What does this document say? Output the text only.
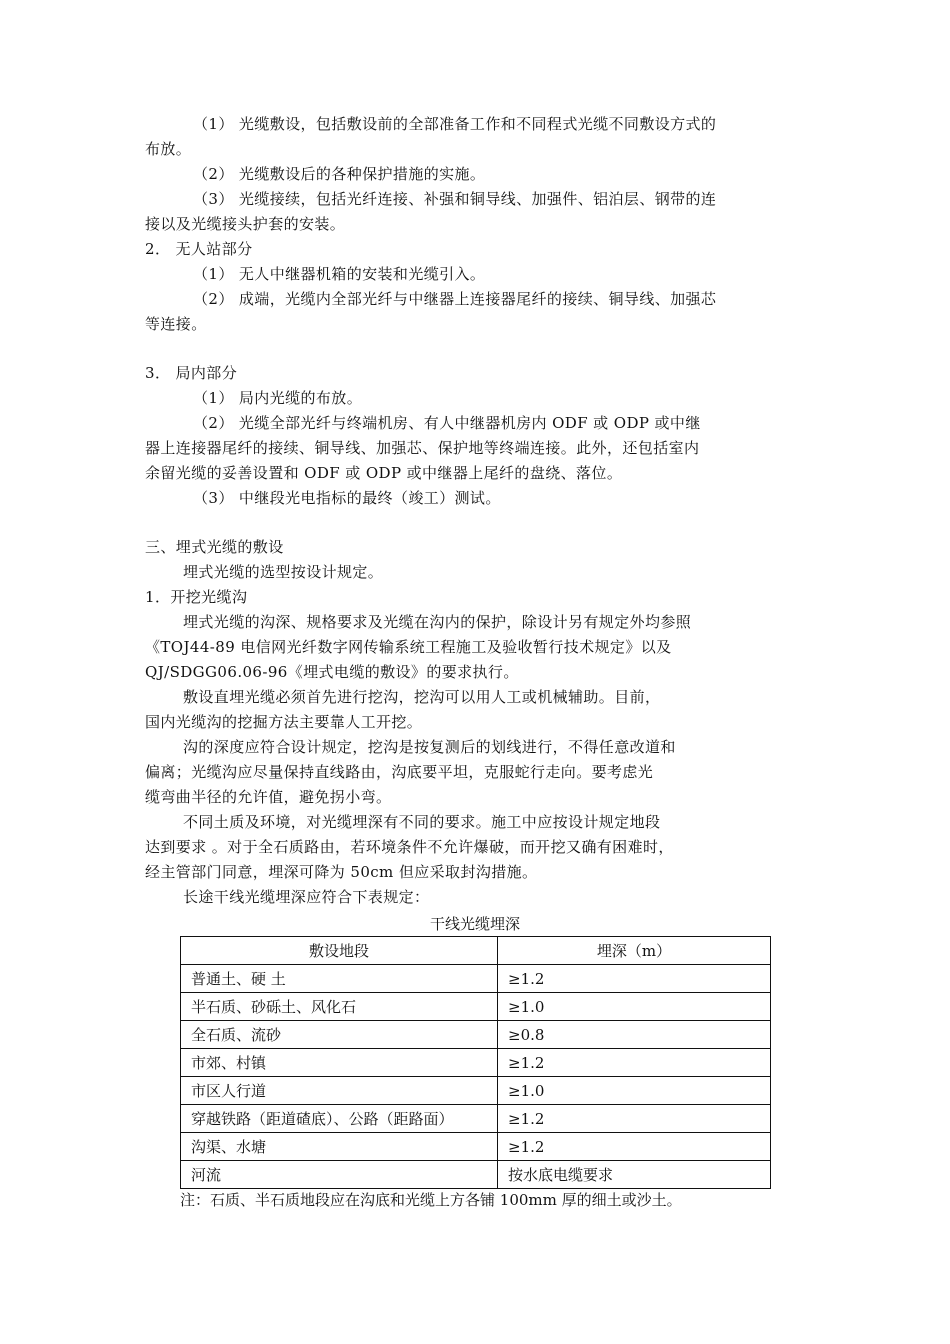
（1） 光缆敷设，包括敷设前的全部准备工作和不同程式光缆不同敷设方式的
布放。
（2） 光缆敷设后的各种保护措施的实施。
（3） 光缆接续，包括光纤连接、补强和铜导线、加强件、铝泊层、钢带的连
接以及光缆接头护套的安装。
2． 无人站部分
（1） 无人中继器机箱的安装和光缆引入。
（2） 成端，光缆内全部光纤与中继器上连接器尾纤的接续、铜导线、加强芯
等连接。
3． 局内部分
（1） 局内光缆的布放。
（2） 光缆全部光纤与终端机房、有人中继器机房内 ODF 或 ODP 或中继
器上连接器尾纤的接续、铜导线、加强芯、保护地等终端连接。此外，还包括室内
余留光缆的妥善设置和 ODF 或 ODP 或中继器上尾纤的盘绕、落位。
（3） 中继段光电指标的最终（竣工）测试。
三、埋式光缆的敷设
埋式光缆的选型按设计规定。
1．开挖光缆沟
埋式光缆的沟深、规格要求及光缆在沟内的保护，除设计另有规定外均参照
《TOJ44-89 电信网光纤数字网传输系统工程施工及验收暂行技术规定》以及
QJ/SDGG06.06-96《埋式电缆的敷设》的要求执行。
敷设直埋光缆必须首先进行挖沟，挖沟可以用人工或机械辅助。目前，
国内光缆沟的挖掘方法主要靠人工开挖。
沟的深度应符合设计规定，挖沟是按复测后的划线进行，不得任意改道和
偏离；光缆沟应尽量保持直线路由，沟底要平坦，克服蛇行走向。要考虑光
缆弯曲半径的允许值，避免拐小弯。
不同土质及环境，对光缆埋深有不同的要求。施工中应按设计规定地段
达到要求 。对于全石质路由，若环境条件不允许爆破，而开挖又确有困难时，
经主管部门同意，埋深可降为 50cm 但应采取封沟措施。
长途干线光缆埋深应符合下表规定：
干线光缆埋深
敷设地段	埋深（m）
普通土、硬 土	≥1.2
半石质、砂砾土、风化石	≥1.0
全石质、流砂	≥0.8
市郊、村镇	≥1.2
市区人行道	≥1.0
穿越铁路（距道碴底）、公路（距路面）	≥1.2
沟渠、水塘	≥1.2
河流	按水底电缆要求
注：石质、半石质地段应在沟底和光缆上方各铺 100mm 厚的细土或沙土。
